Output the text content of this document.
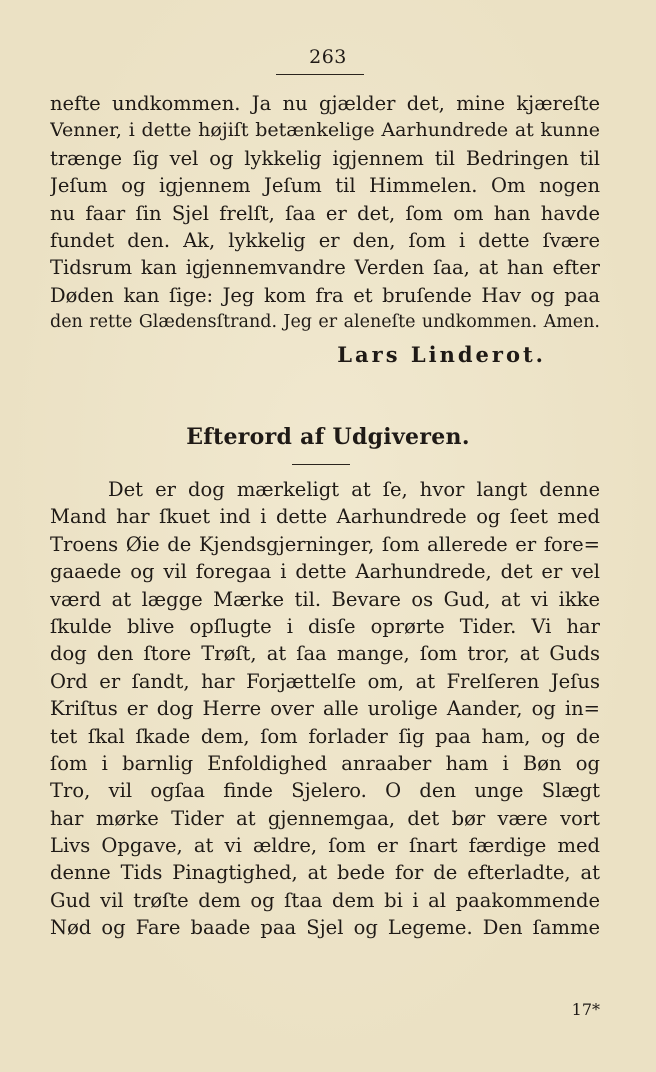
263
nefte undkommen. Ja nu gjælder det, mine kjæreſte
Venner, i dette højiſt betænkelige Aarhundrede at kunne
trænge ſig vel og lykkelig igjennem til Bedringen til
Jeſum og igjennem Jeſum til Himmelen. Om nogen
nu faar ſin Sjel frelſt, ſaa er det, ſom om han havde
fundet den. Ak, lykkelig er den, ſom i dette ſvære
Tidsrum kan igjennemvandre Verden ſaa, at han efter
Døden kan ſige: Jeg kom fra et bruſende Hav og paa
den rette Glædensſtrand. Jeg er aleneſte undkommen. Amen.
Lars Linderot.
Efterord af Udgiveren.
Det er dog mærkeligt at ſe, hvor langt denne
Mand har ſkuet ind i dette Aarhundrede og ſeet med
Troens Øie de Kjendsgjerninger, ſom allerede er fore=
gaaede og vil foregaa i dette Aarhundrede, det er vel
værd at lægge Mærke til. Bevare os Gud, at vi ikke
ſkulde blive opſlugte i disſe oprørte Tider. Vi har
dog den ſtore Trøſt, at ſaa mange, ſom tror, at Guds
Ord er ſandt, har Forjættelſe om, at Frelſeren Jeſus
Kriſtus er dog Herre over alle urolige Aander, og in=
tet ſkal ſkade dem, ſom forlader ſig paa ham, og de
ſom i barnlig Enfoldighed anraaber ham i Bøn og
Tro, vil ogſaa finde Sjelero. O den unge Slægt
har mørke Tider at gjennemgaa, det bør være vort
Livs Opgave, at vi ældre, ſom er ſnart færdige med
denne Tids Pinagtighed, at bede for de efterladte, at
Gud vil trøſte dem og ſtaa dem bi i al paakommende
Nød og Fare baade paa Sjel og Legeme. Den ſamme
17*
